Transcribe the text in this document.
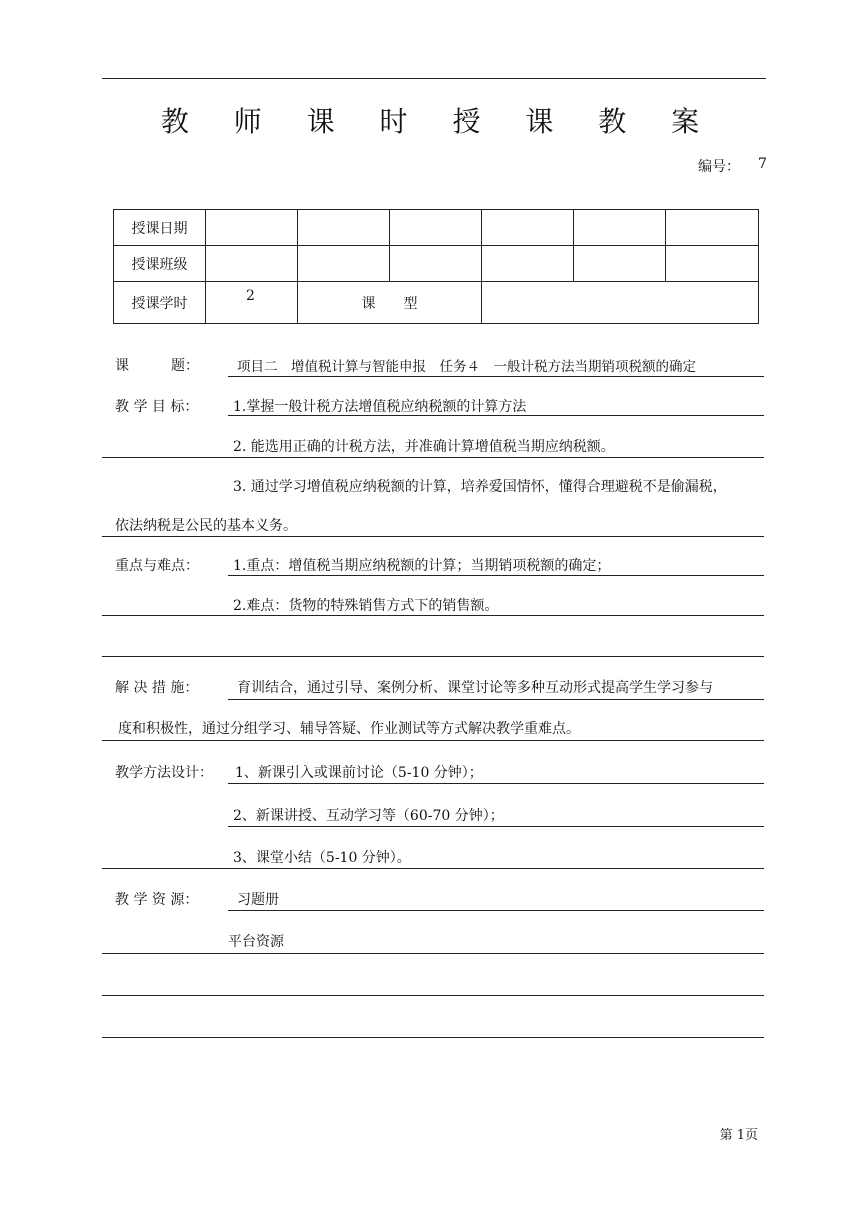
教 师 课 时 授 课 教 案
编号： 7
授课日期						
授课班级						
授课学时	2	课　　型				
课　　　题：	项目二　增值税计算与智能申报　任务４　一般计税方法当期销项税额的确定
教 学 目 标： 1.掌握一般计税方法增值税应纳税额的计算方法
2. 能选用正确的计税方法，并准确计算增值税当期应纳税额。
3. 通过学习增值税应纳税额的计算，培养爱国情怀，懂得合理避税不是偷漏税，
依法纳税是公民的基本义务。
重点与难点： 1.重点：增值税当期应纳税额的计算；当期销项税额的确定；
2.难点：货物的特殊销售方式下的销售额。
解 决 措 施：	育训结合，通过引导、案例分析、课堂讨论等多种互动形式提高学生学习参与
度和积极性，通过分组学习、辅导答疑、作业测试等方式解决教学重难点。
教学方法设计： 1、新课引入或课前讨论（5-10 分钟）；
2、新课讲授、互动学习等（60-70 分钟）；
3、课堂小结（5-10 分钟）。
教 学 资 源：	习题册
平台资源
第 1页
